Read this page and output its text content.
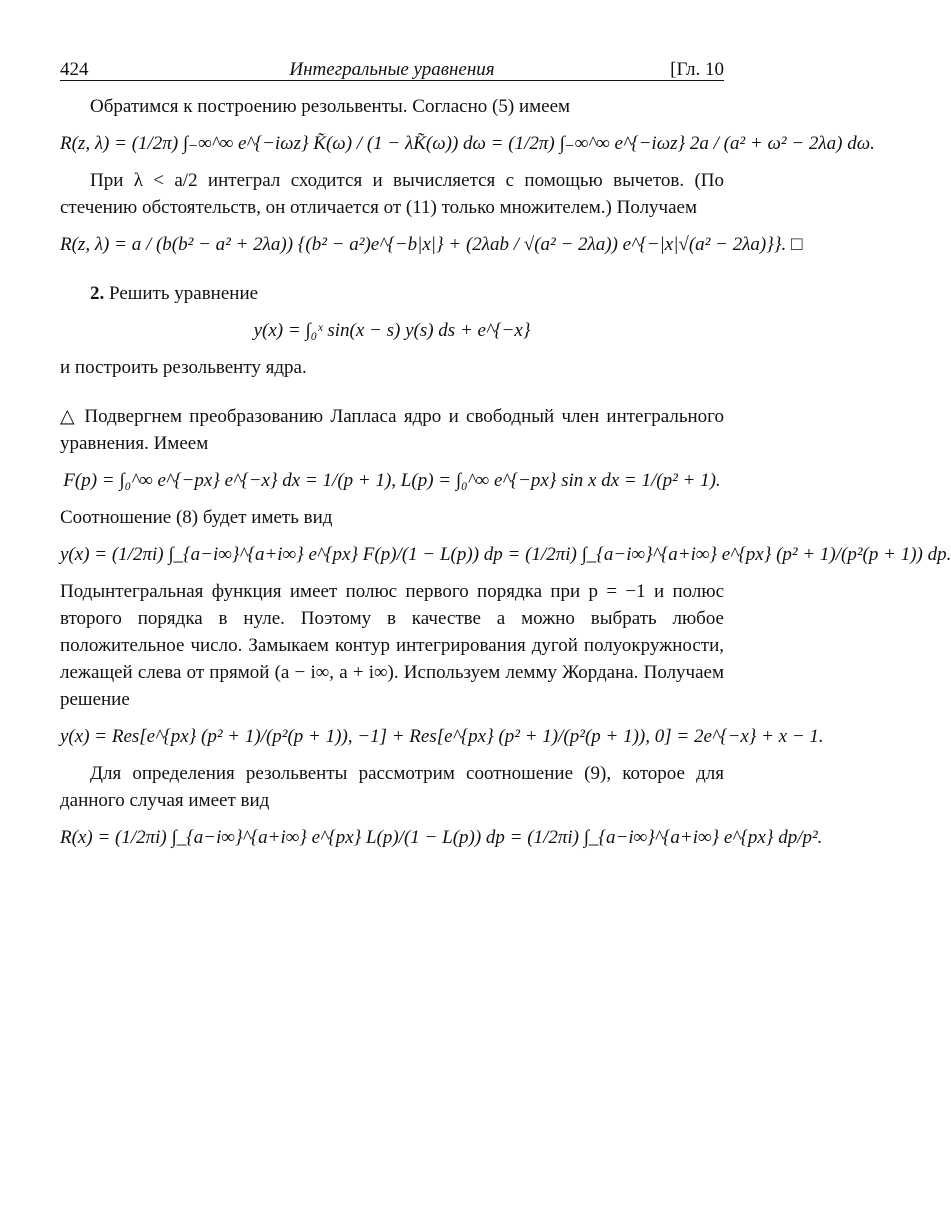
424	Интегральные уравнения	[Гл. 10

Обратимся к построению резольвенты. Согласно (5) имеем

R(z, λ) = (1/2π) ∫₋∞^∞ e^{−iωz} K̃(ω) / (1 − λK̃(ω)) dω = (1/2π) ∫₋∞^∞ e^{−iωz} 2a / (a² + ω² − 2λa) dω.

При λ < a/2 интеграл сходится и вычисляется с помощью вычетов. (По стечению обстоятельств, он отличается от (11) только множителем.) Получаем

R(z, λ) = a / (b(b² − a² + 2λa)) {(b² − a²)e^{−b|x|} + (2λab / √(a² − 2λa)) e^{−|x|√(a² − 2λa)}}. □

2. Решить уравнение

y(x) = ∫₀ˣ sin(x − s) y(s) ds + e^{−x}

и построить резольвенту ядра.

△ Подвергнем преобразованию Лапласа ядро и свободный член интегрального уравнения. Имеем

F(p) = ∫₀^∞ e^{−px} e^{−x} dx = 1/(p + 1), L(p) = ∫₀^∞ e^{−px} sin x dx = 1/(p² + 1).

Соотношение (8) будет иметь вид

y(x) = (1/2πi) ∫_{a−i∞}^{a+i∞} e^{px} F(p)/(1 − L(p)) dp = (1/2πi) ∫_{a−i∞}^{a+i∞} e^{px} (p² + 1)/(p²(p + 1)) dp.

Подынтегральная функция имеет полюс первого порядка при p = −1 и полюс второго порядка в нуле. Поэтому в качестве a можно выбрать любое положительное число. Замыкаем контур интегрирования дугой полуокружности, лежащей слева от прямой (a − i∞, a + i∞). Используем лемму Жордана. Получаем решение

y(x) = Res[e^{px} (p² + 1)/(p²(p + 1)), −1] + Res[e^{px} (p² + 1)/(p²(p + 1)), 0] = 2e^{−x} + x − 1.

Для определения резольвенты рассмотрим соотношение (9), которое для данного случая имеет вид

R(x) = (1/2πi) ∫_{a−i∞}^{a+i∞} e^{px} L(p)/(1 − L(p)) dp = (1/2πi) ∫_{a−i∞}^{a+i∞} e^{px} dp/p².
